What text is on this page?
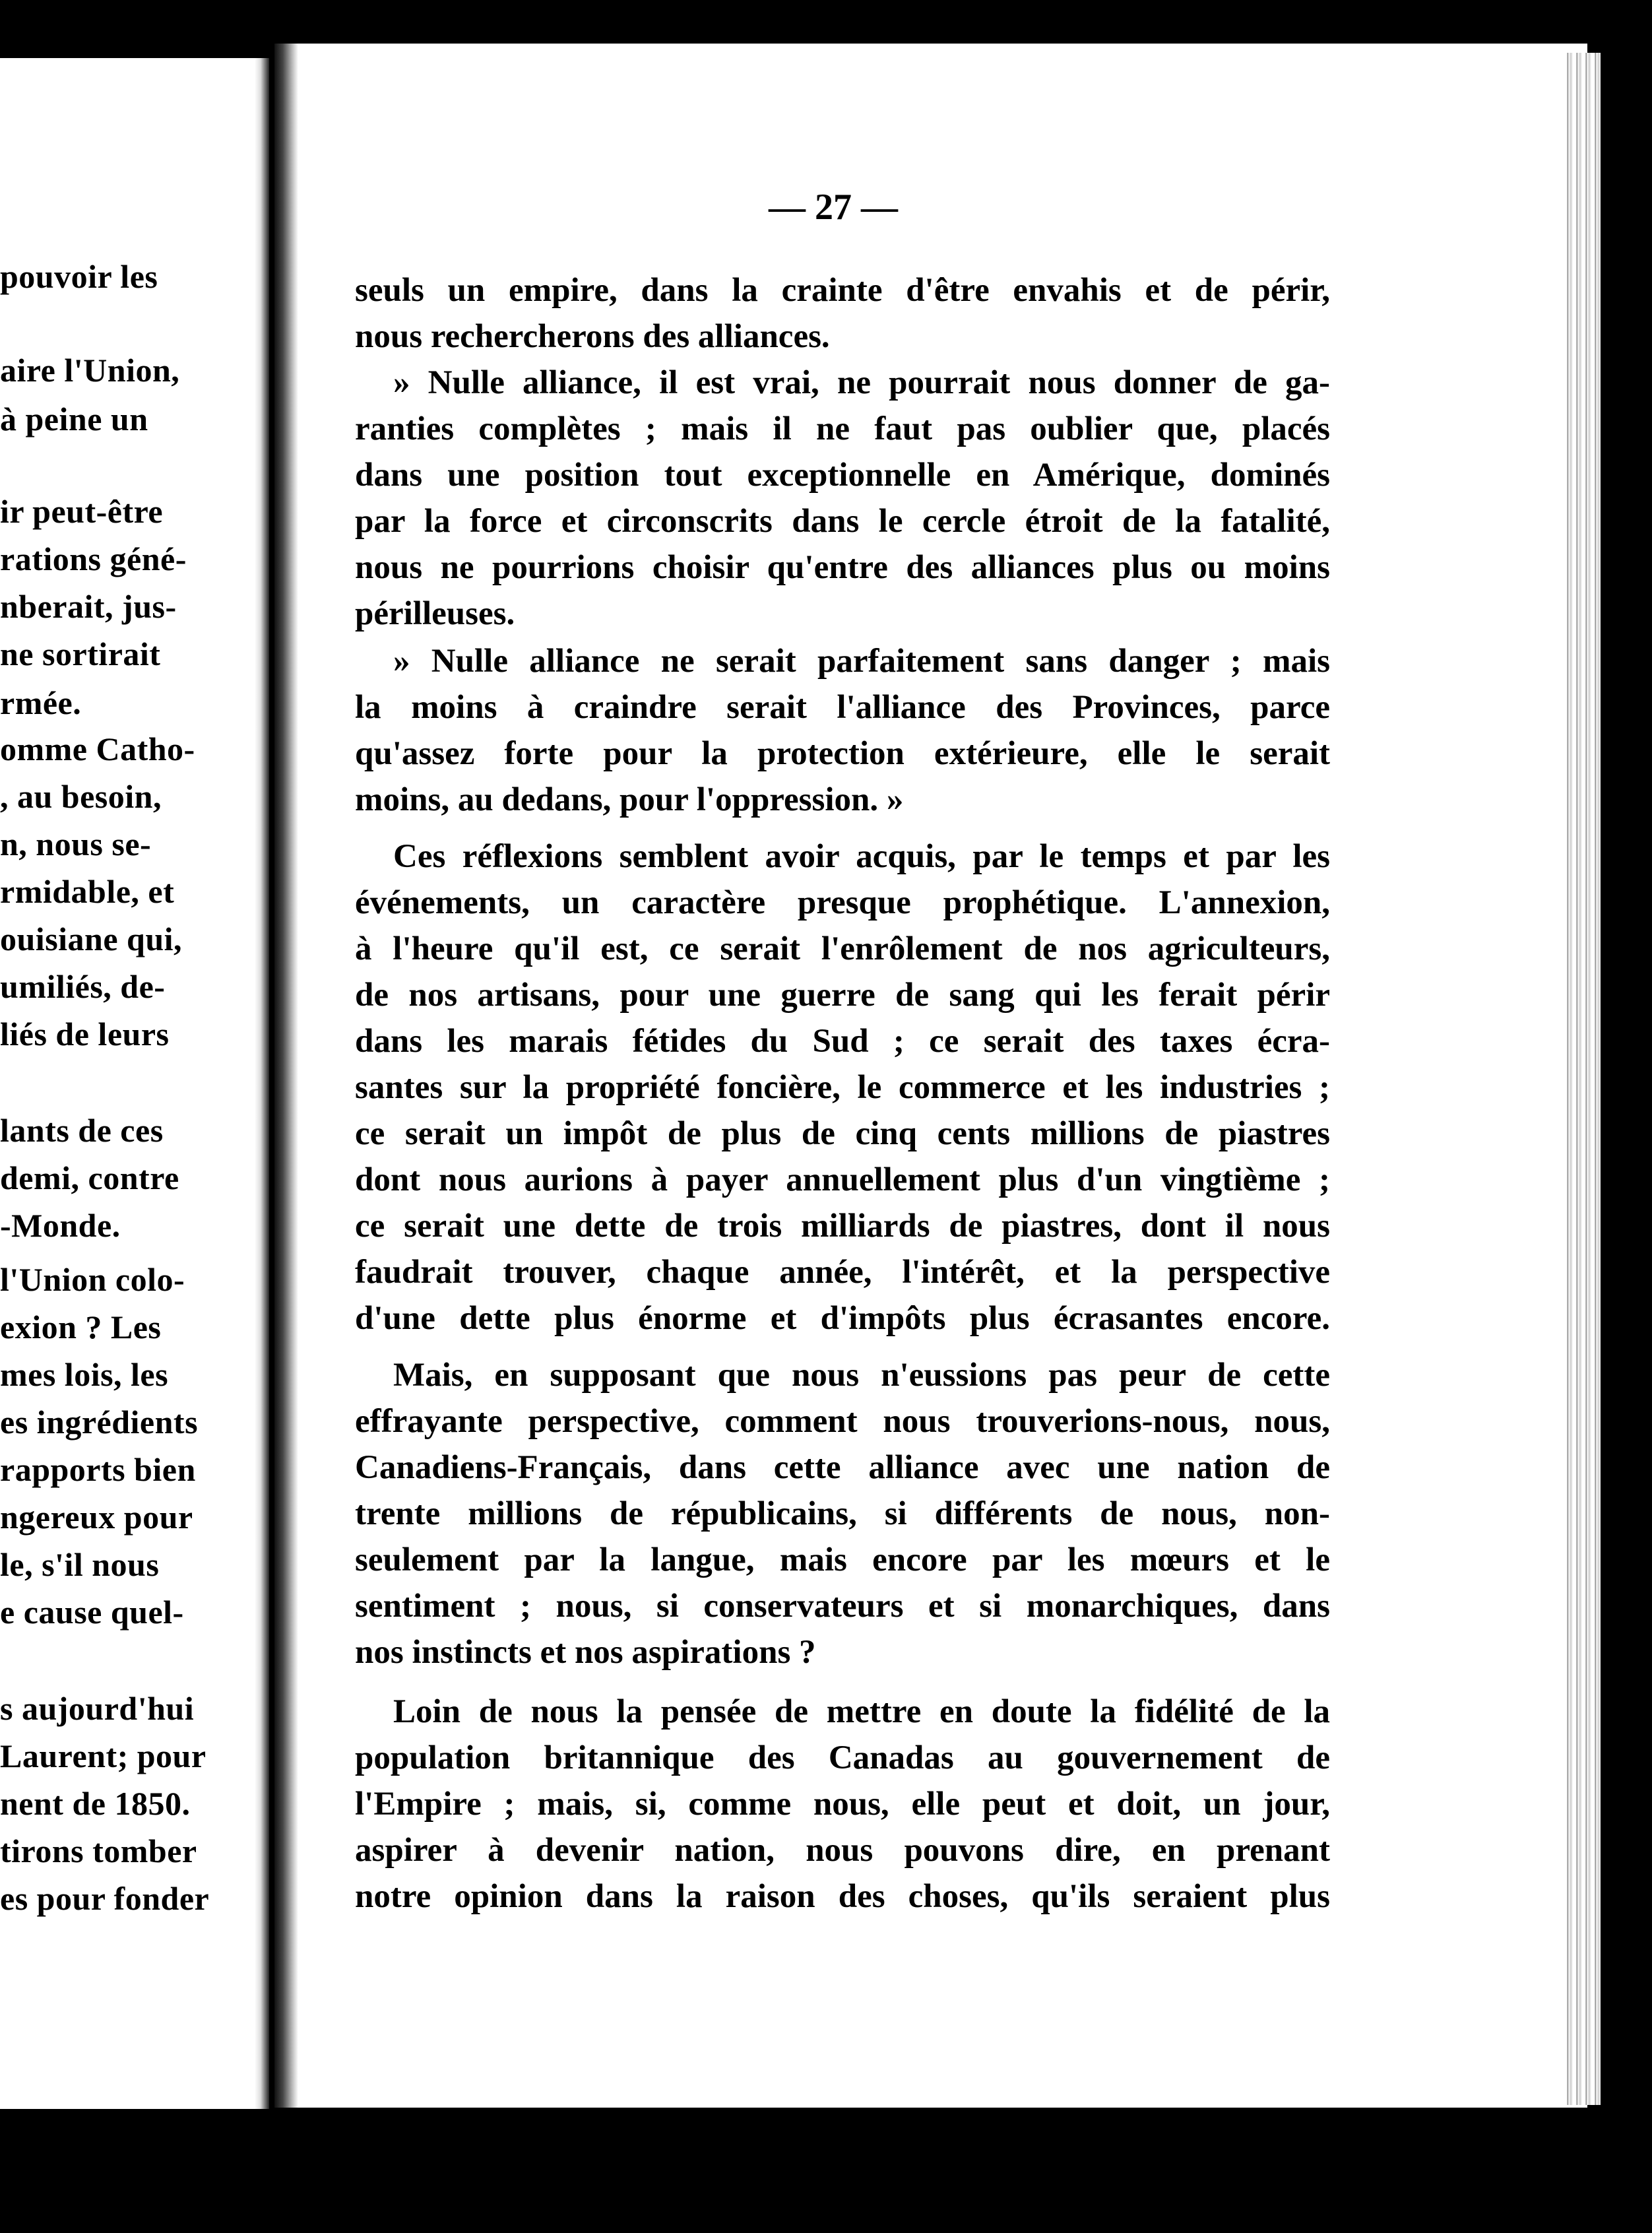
pouvoir les
aire l'Union,
à peine un
ir peut-être
rations géné-
nberait, jus-
ne sortirait
rmée.
omme Catho-
, au besoin,
n, nous se-
rmidable, et
ouisiane qui,
umiliés, de-
liés de leurs
lants de ces
demi, contre
-Monde.
l'Union colo-
exion ? Les
mes lois, les
es ingrédients
rapports bien
ngereux pour
le, s'il nous
e cause quel-
s aujourd'hui
Laurent; pour
nent de 1850.
tirons tomber
es pour fonder
— 27 —
seuls un empire, dans la crainte d'être envahis et de périr,
nous rechercherons des alliances.
» Nulle alliance, il est vrai, ne pourrait nous donner de ga-
ranties complètes ; mais il ne faut pas oublier que, placés
dans une position tout exceptionnelle en Amérique, dominés
par la force et circonscrits dans le cercle étroit de la fatalité,
nous ne pourrions choisir qu'entre des alliances plus ou moins
périlleuses.
» Nulle alliance ne serait parfaitement sans danger ; mais
la moins à craindre serait l'alliance des Provinces, parce
qu'assez forte pour la protection extérieure, elle le serait
moins, au dedans, pour l'oppression. »
Ces réflexions semblent avoir acquis, par le temps et par les
événements, un caractère presque prophétique. L'annexion,
à l'heure qu'il est, ce serait l'enrôlement de nos agriculteurs,
de nos artisans, pour une guerre de sang qui les ferait périr
dans les marais fétides du Sud ; ce serait des taxes écra-
santes sur la propriété foncière, le commerce et les industries ;
ce serait un impôt de plus de cinq cents millions de piastres
dont nous aurions à payer annuellement plus d'un vingtième ;
ce serait une dette de trois milliards de piastres, dont il nous
faudrait trouver, chaque année, l'intérêt, et la perspective
d'une dette plus énorme et d'impôts plus écrasantes encore.
Mais, en supposant que nous n'eussions pas peur de cette
effrayante perspective, comment nous trouverions-nous, nous,
Canadiens-Français, dans cette alliance avec une nation de
trente millions de républicains, si différents de nous, non-
seulement par la langue, mais encore par les mœurs et le
sentiment ; nous, si conservateurs et si monarchiques, dans
nos instincts et nos aspirations ?
Loin de nous la pensée de mettre en doute la fidélité de la
population britannique des Canadas au gouvernement de
l'Empire ; mais, si, comme nous, elle peut et doit, un jour,
aspirer à devenir nation, nous pouvons dire, en prenant
notre opinion dans la raison des choses, qu'ils seraient plus
